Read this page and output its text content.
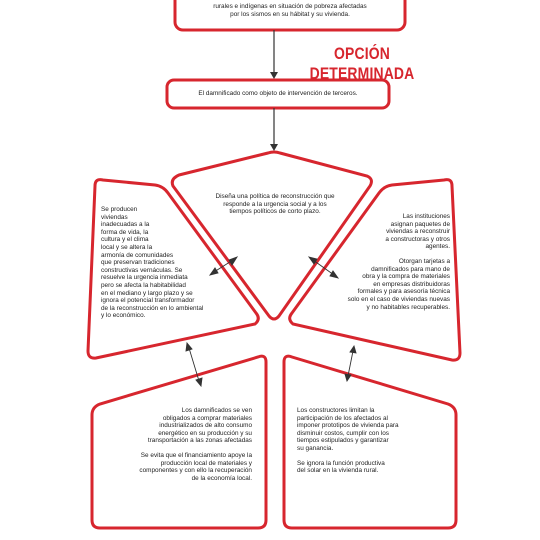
rurales e indígenas en situación de pobreza afectadas
por los sismos en su hábitat y su vivienda.
OPCIÓN DETERMINADA
El damnificado como objeto de intervención de terceros.
Diseña una política de reconstrucción que
responde a la urgencia social y a los
tiempos políticos de corto plazo.
Se producen
viviendas
inadecuadas a la
forma de vida, la
cultura y el clima
local y se altera la
armonía de comunidades
que preservan tradiciones
constructivas vernáculas. Se
resuelve la urgencia inmediata
pero se afecta la habitabilidad
en el mediano y largo plazo y se
ignora el potencial transformador
de la reconstrucción en lo ambiental
y lo económico.

Las instituciones
asignan paquetes de
viviendas a reconstruir
a constructoras y otros
agentes.

Otorgan tarjetas a
damnificados para mano de
obra y la compra de materiales
en empresas distribuidoras
formales y para asesoría técnica
solo en el caso de viviendas nuevas
y no habitables recuperables.

Los damnificados se ven
obligados a comprar materiales
industrializados de alto consumo
energético en su producción y su
transportación a las zonas afectadas

Se evita que el financiamiento apoye la
producción local de materiales y
componentes y con ello la recuperación
de la economía local.

Los constructores limitan la
participación de los afectados al
imponer prototipos de vivienda para
disminuir costos, cumplir con los
tiempos estipulados y garantizar
su ganancia.

Se ignora la función productiva
del solar en la vivienda rural.
